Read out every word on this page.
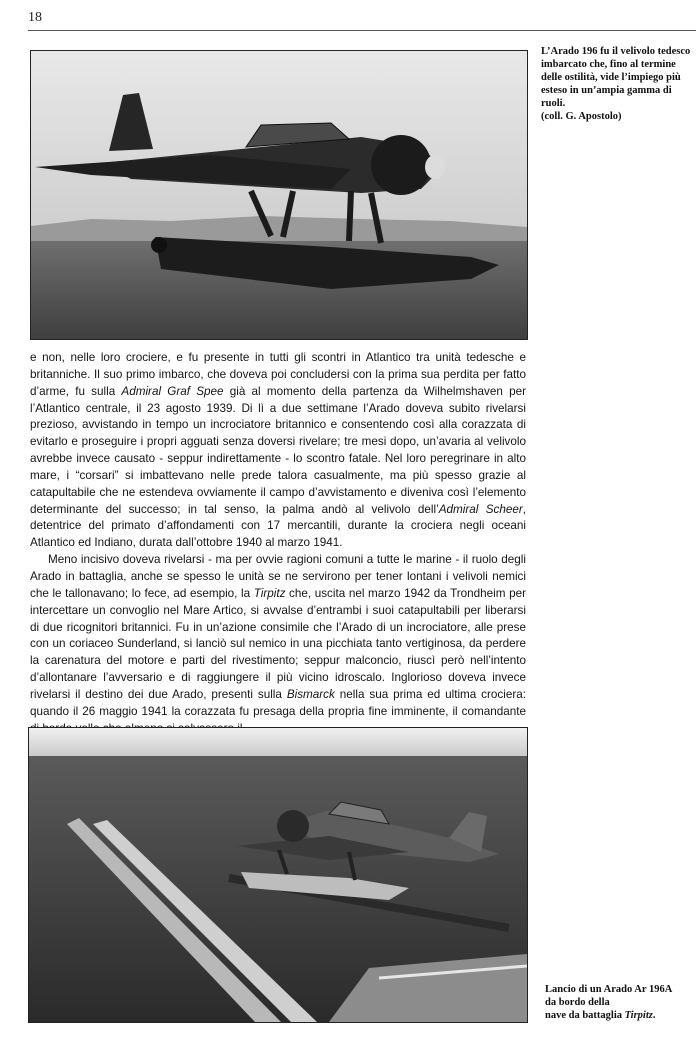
18
L’Arado 196 fu il velivolo tedesco imbarcato che, fino al termine delle ostilità, vide l’impiego più esteso in un’ampia gamma di ruoli.
(coll. G. Apostolo)

e non, nelle loro crociere, e fu presente in tutti gli scontri in Atlantico tra unità tedesche e britanniche. Il suo primo imbarco, che doveva poi concludersi con la prima sua perdita per fatto d’arme, fu sulla Admiral Graf Spee già al momento della partenza da Wilhelmshaven per l’Atlantico centrale, il 23 agosto 1939. Di lì a due settimane l’Arado doveva subito rivelarsi prezioso, avvistando in tempo un incrociatore britannico e consentendo così alla corazzata di evitarlo e proseguire i propri agguati senza doversi rivelare; tre mesi dopo, un’avaria al velivolo avrebbe invece causato - seppur indirettamente - lo scontro fatale. Nel loro peregrinare in alto mare, i “corsari” si imbattevano nelle prede talora casualmente, ma più spesso grazie al catapultabile che ne estendeva ovviamente il campo d’avvistamento e diveniva così l’elemento determinante del successo; in tal senso, la palma andò al velivolo dell’Admiral Scheer, detentrice del primato d’affondamenti con 17 mercantili, durante la crociera negli oceani Atlantico ed Indiano, durata dall’ottobre 1940 al marzo 1941.

Meno incisivo doveva rivelarsi - ma per ovvie ragioni comuni a tutte le marine - il ruolo degli Arado in battaglia, anche se spesso le unità se ne servirono per tener lontani i velivoli nemici che le tallonavano; lo fece, ad esempio, la Tirpitz che, uscita nel marzo 1942 da Trondheim per intercettare un convoglio nel Mare Artico, si avvalse d’entrambi i suoi catapultabili per liberarsi di due ricognitori britannici. Fu in un’azione consimile che l’Arado di un incrociatore, alle prese con un coriaceo Sunderland, si lanciò sul nemico in una picchiata tanto vertiginosa, da perdere la carenatura del motore e parti del rivestimento; seppur malconcio, riuscì però nell’intento d’allontanare l’avversario e di raggiungere il più vicino idroscalo. Inglorioso doveva invece rivelarsi il destino dei due Arado, presenti sulla Bismarck nella sua prima ed ultima crociera: quando il 26 maggio 1941 la corazzata fu presaga della propria fine imminente, il comandante

Lancio di un Arado Ar 196A
da bordo della
nave da battaglia Tirpitz.
